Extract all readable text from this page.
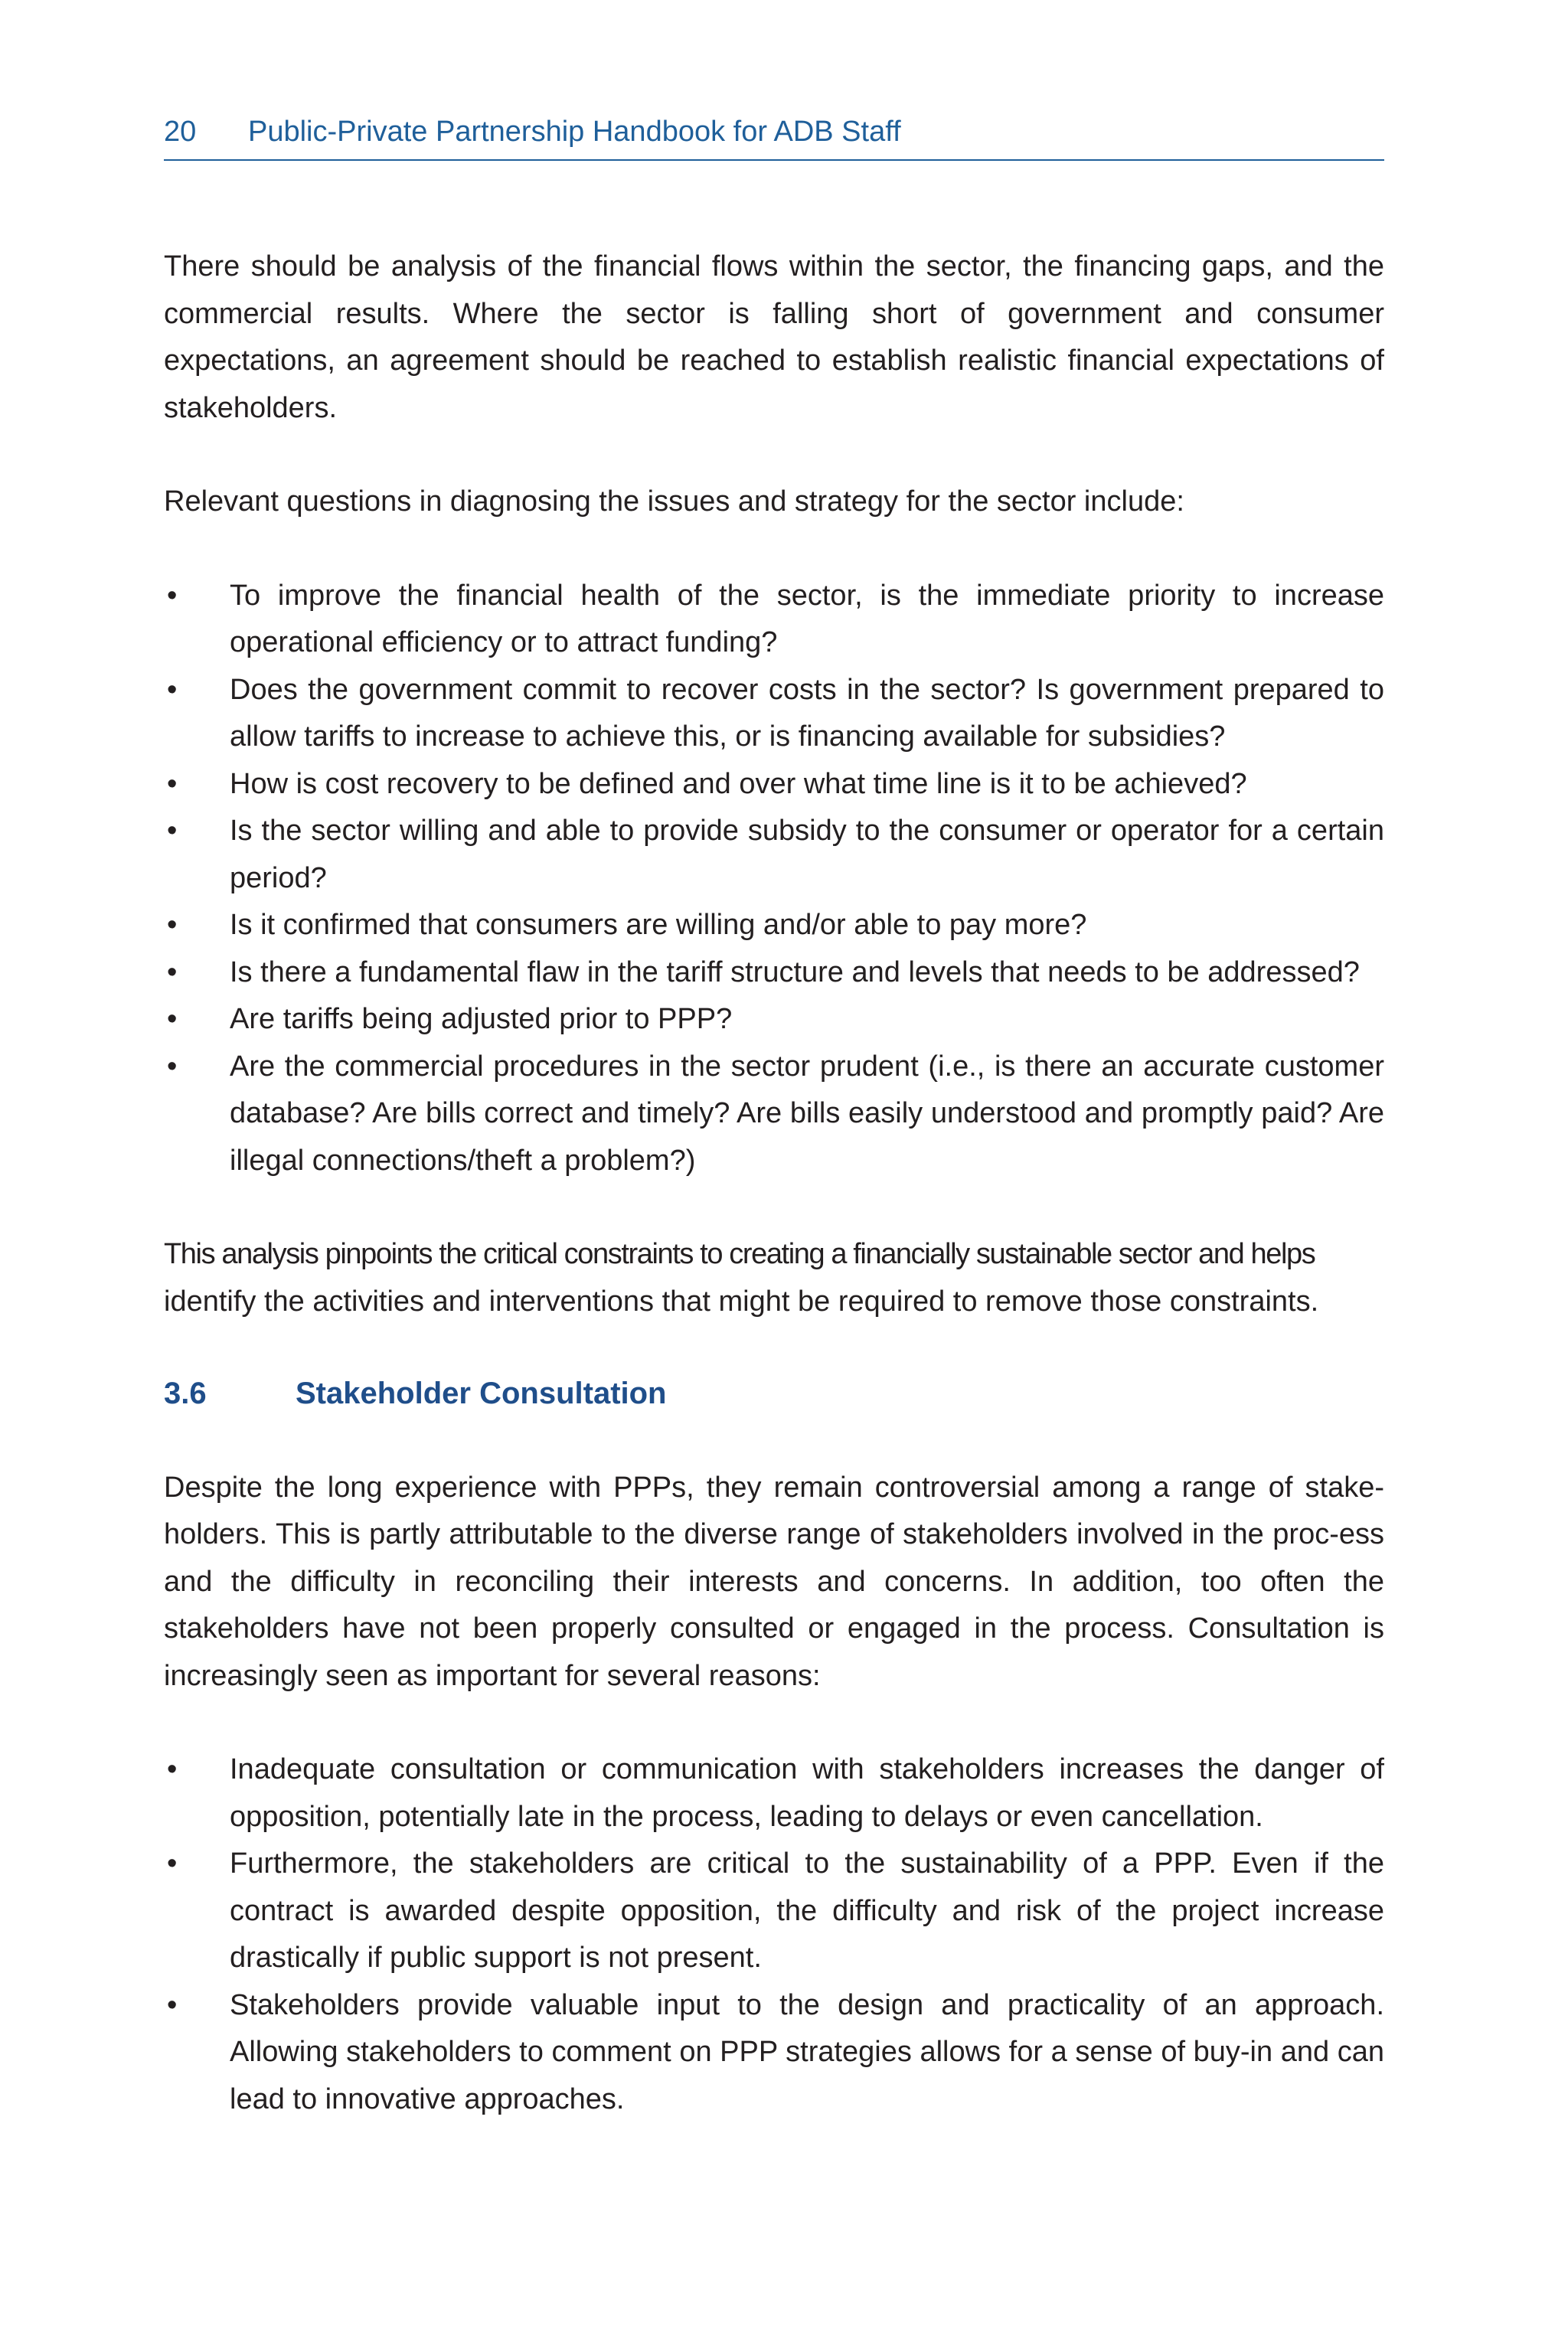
20 Public-Private Partnership Handbook for ADB Staff

There should be analysis of the financial flows within the sector, the financing gaps, and the commercial results. Where the sector is falling short of government and consumer expectations, an agreement should be reached to establish realistic financial expectations of stakeholders.

Relevant questions in diagnosing the issues and strategy for the sector include:

• To improve the financial health of the sector, is the immediate priority to increase operational efficiency or to attract funding?
• Does the government commit to recover costs in the sector? Is government prepared to allow tariffs to increase to achieve this, or is financing available for subsidies?
• How is cost recovery to be defined and over what time line is it to be achieved?
• Is the sector willing and able to provide subsidy to the consumer or operator for a certain period?
• Is it confirmed that consumers are willing and/or able to pay more?
• Is there a fundamental flaw in the tariff structure and levels that needs to be addressed?
• Are tariffs being adjusted prior to PPP?
• Are the commercial procedures in the sector prudent (i.e., is there an accurate customer database? Are bills correct and timely? Are bills easily understood and promptly paid? Are illegal connections/theft a problem?)

This analysis pinpoints the critical constraints to creating a financially sustainable sector and helps
identify the activities and interventions that might be required to remove those constraints.

3.6	Stakeholder Consultation

Despite the long experience with PPPs, they remain controversial among a range of stake-holders. This is partly attributable to the diverse range of stakeholders involved in the proc-ess and the difficulty in reconciling their interests and concerns. In addition, too often the stakeholders have not been properly consulted or engaged in the process. Consultation is increasingly seen as important for several reasons:

• Inadequate consultation or communication with stakeholders increases the danger of opposition, potentially late in the process, leading to delays or even cancellation.
• Furthermore, the stakeholders are critical to the sustainability of a PPP. Even if the contract is awarded despite opposition, the difficulty and risk of the project increase drastically if public support is not present.
• Stakeholders provide valuable input to the design and practicality of an approach. Allowing stakeholders to comment on PPP strategies allows for a sense of buy-in and can lead to innovative approaches.
